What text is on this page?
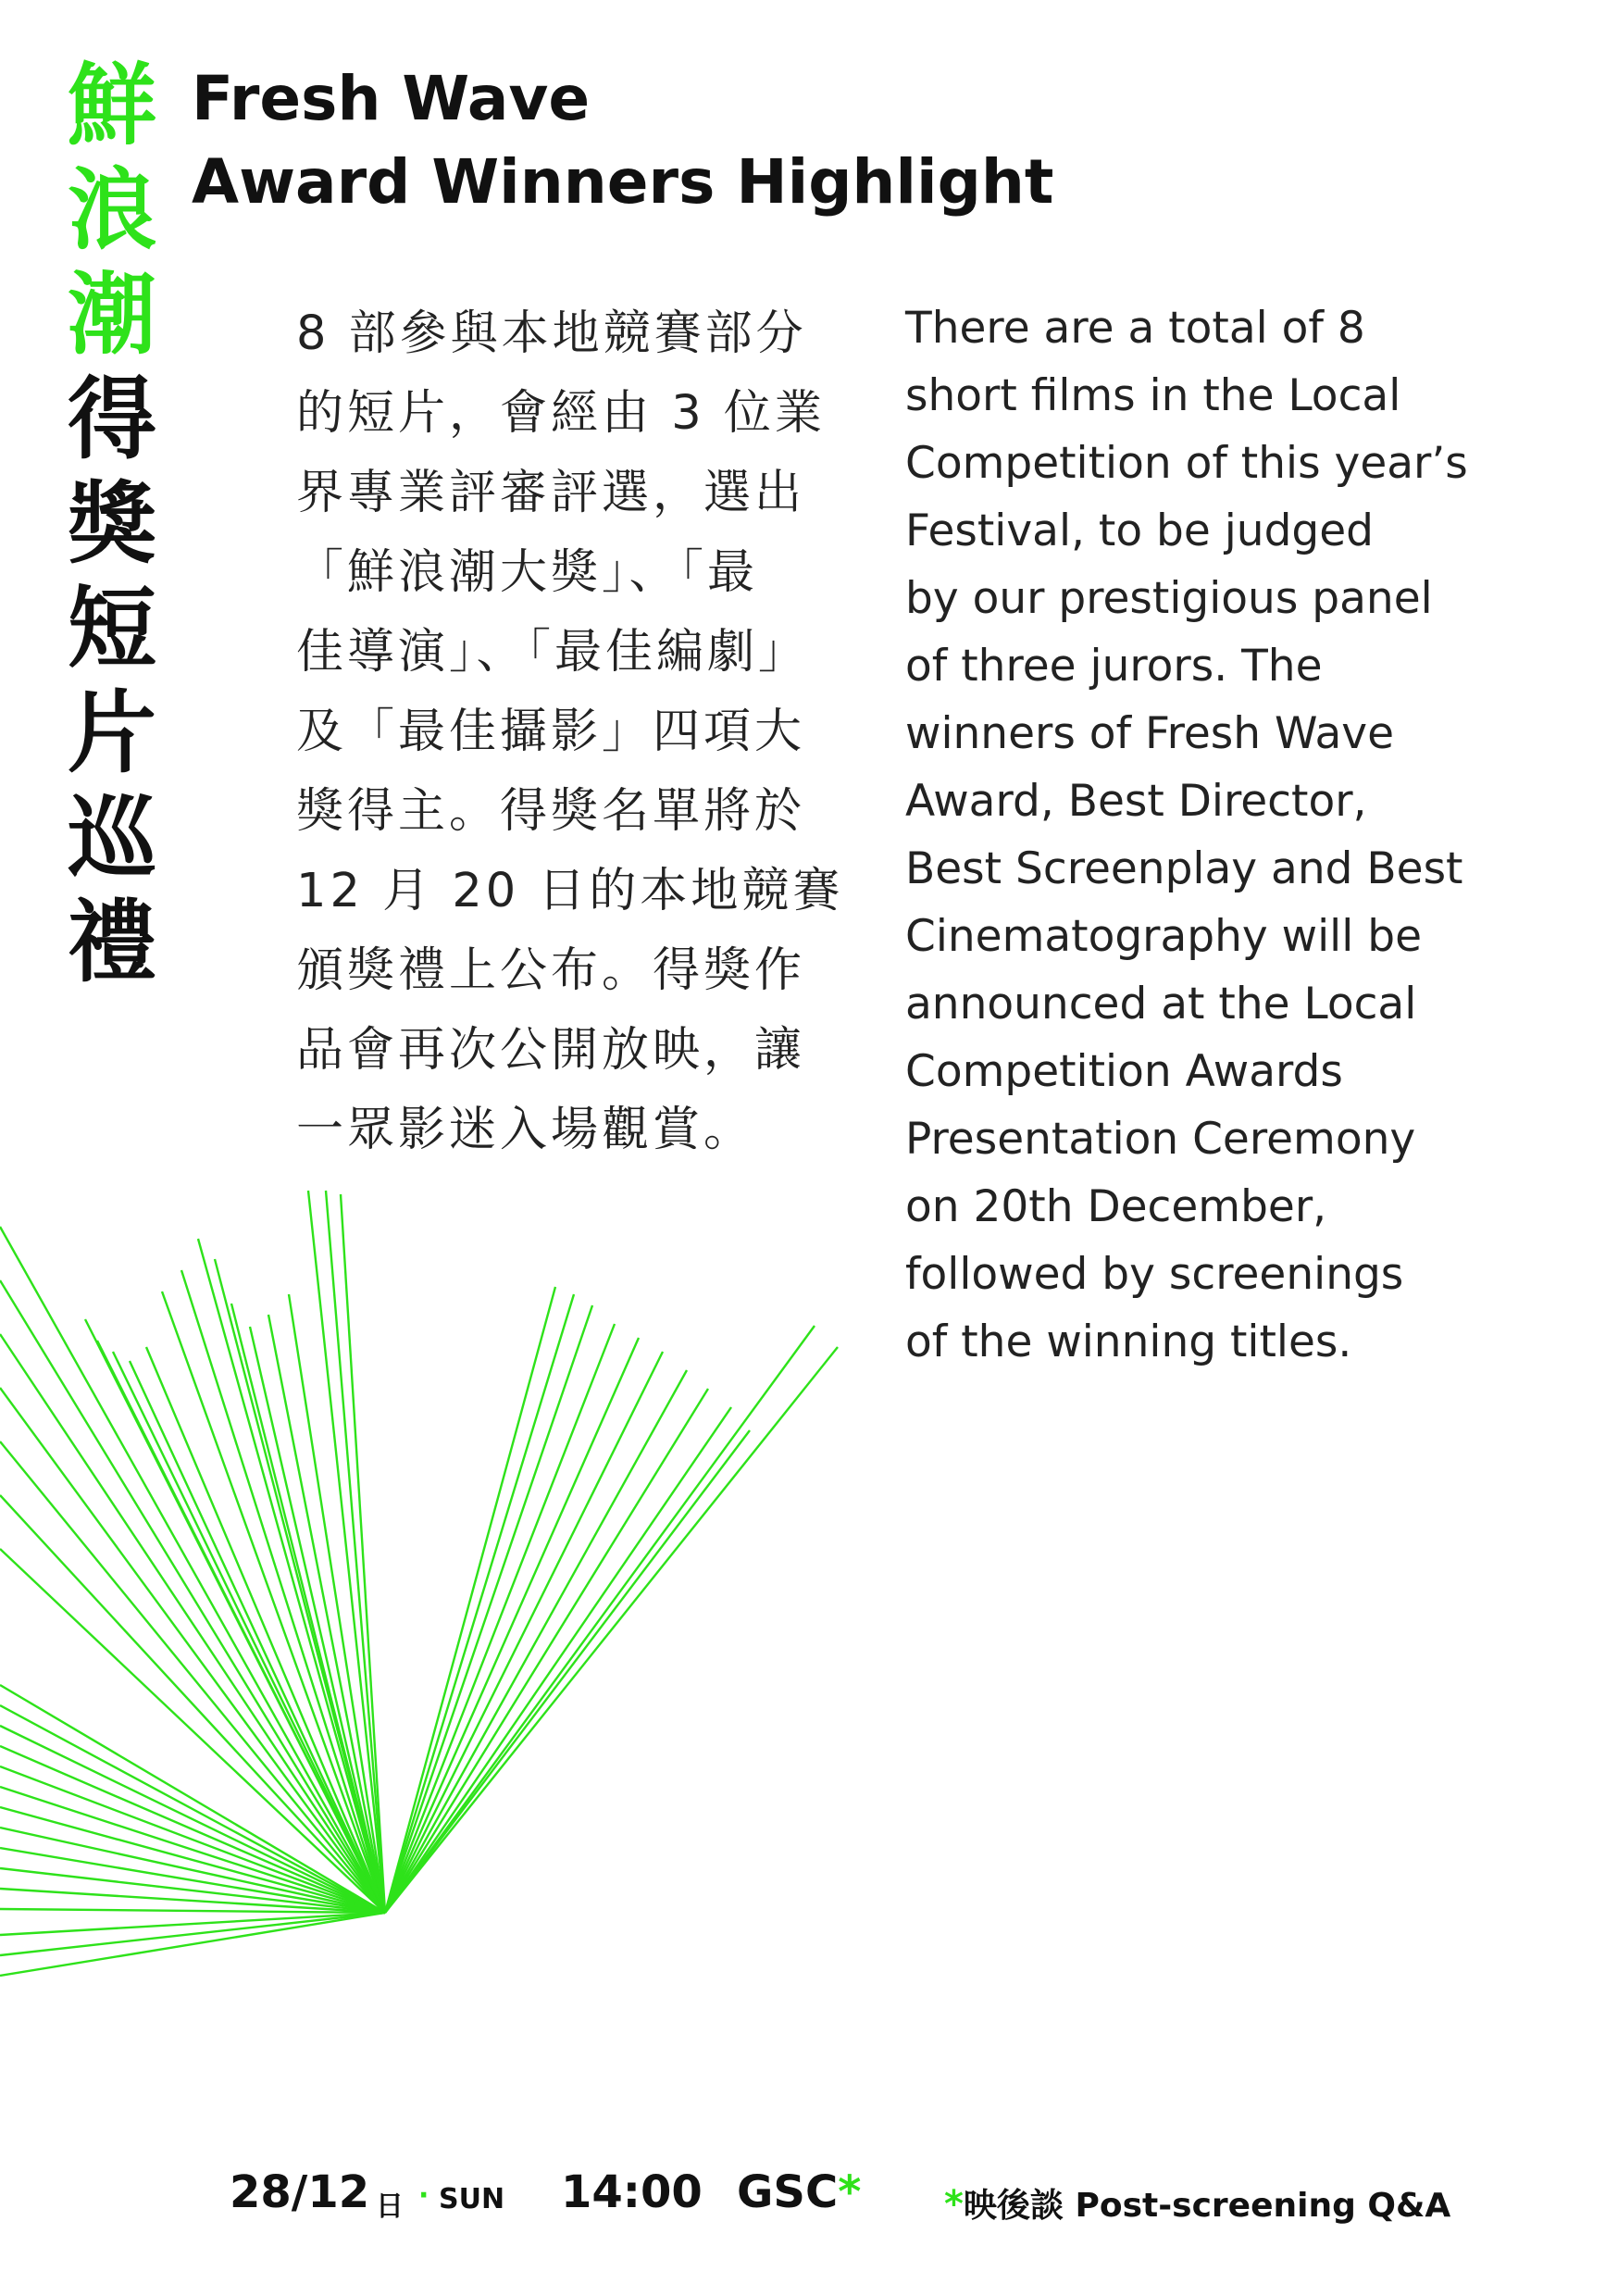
鮮
浪
潮
得
獎
短
片
巡
禮
Fresh Wave
Award Winners Highlight
8 部參與本地競賽部分
的短片，會經由 3 位業
界專業評審評選，選出
「鮮浪潮大獎」、「最
佳導演」、「最佳編劇」
及「最佳攝影」四項大
獎得主。得獎名單將於
12 月 20 日的本地競賽
頒獎禮上公布。得獎作
品會再次公開放映，讓
一眾影迷入場觀賞。
There are a total of 8
short films in the Local
Competition of this year’s
Festival, to be judged
by our prestigious panel
of three jurors. The
winners of Fresh Wave
Award, Best Director,
Best Screenplay and Best
Cinematography will be
announced at the Local
Competition Awards
Presentation Ceremony
on 20th December,
followed by screenings
of the winning titles.
28/12 日 · SUN 14:00 GSC* *映後談 Post-screening Q&A
